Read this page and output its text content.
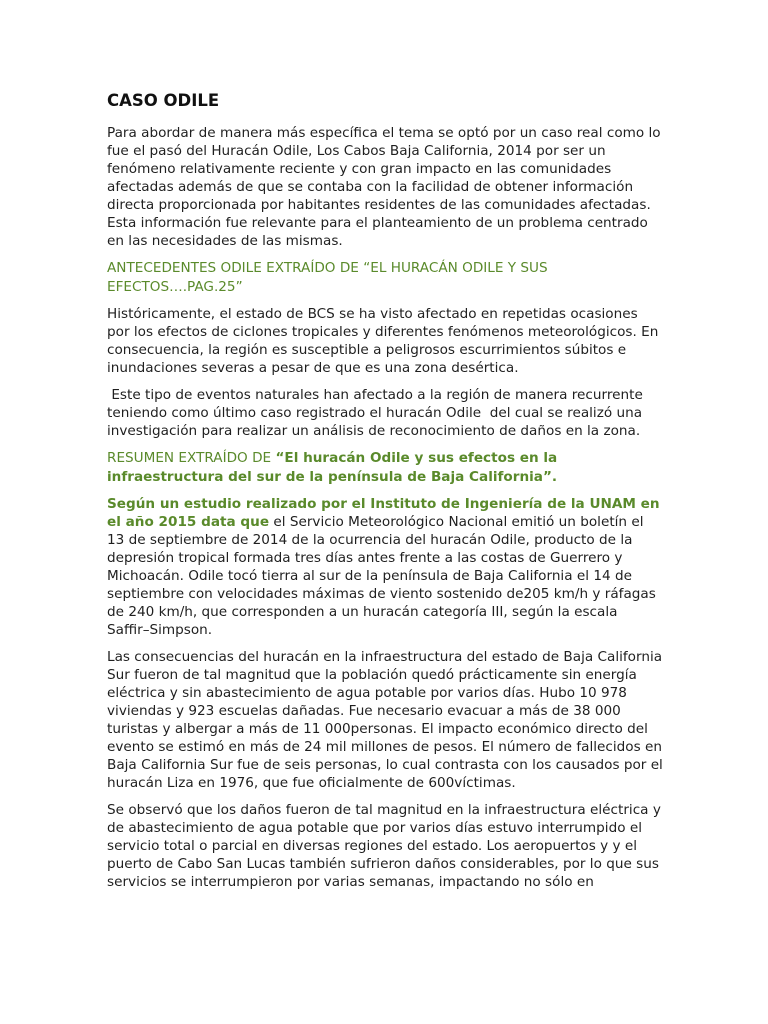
CASO ODILE

Para abordar de manera más específica el tema se optó por un caso real como lo fue el pasó del Huracán Odile, Los Cabos Baja California, 2014 por ser un fenómeno relativamente reciente y con gran impacto en las comunidades afectadas además de que se contaba con la facilidad de obtener información directa proporcionada por habitantes residentes de las comunidades afectadas. Esta información fue relevante para el planteamiento de un problema centrado en las necesidades de las mismas.

ANTECEDENTES ODILE EXTRAÍDO DE “EL HURACÁN ODILE Y SUS EFECTOS….PAG.25”

Históricamente, el estado de BCS se ha visto afectado en repetidas ocasiones por los efectos de ciclones tropicales y diferentes fenómenos meteorológicos. En consecuencia, la región es susceptible a peligrosos escurrimientos súbitos e inundaciones severas a pesar de que es una zona desértica.

Este tipo de eventos naturales han afectado a la región de manera recurrente teniendo como último caso registrado el huracán Odile  del cual se realizó una investigación para realizar un análisis de reconocimiento de daños en la zona.

RESUMEN EXTRAÍDO DE “El huracán Odile y sus efectos en la infraestructura del sur de la península de Baja California”.

Según un estudio realizado por el Instituto de Ingeniería de la UNAM en el año 2015 data que el Servicio Meteorológico Nacional emitió un boletín el 13 de septiembre de 2014 de la ocurrencia del huracán Odile, producto de la depresión tropical formada tres días antes frente a las costas de Guerrero y Michoacán. Odile tocó tierra al sur de la península de Baja California el 14 de septiembre con velocidades máximas de viento sostenido de205 km/h y ráfagas de 240 km/h, que corresponden a un huracán categoría III, según la escala Saffir–Simpson.

Las consecuencias del huracán en la infraestructura del estado de Baja California Sur fueron de tal magnitud que la población quedó prácticamente sin energía eléctrica y sin abastecimiento de agua potable por varios días. Hubo 10 978 viviendas y 923 escuelas dañadas. Fue necesario evacuar a más de 38 000 turistas y albergar a más de 11 000personas. El impacto económico directo del evento se estimó en más de 24 mil millones de pesos. El número de fallecidos en Baja California Sur fue de seis personas, lo cual contrasta con los causados por el huracán Liza en 1976, que fue oficialmente de 600víctimas.

Se observó que los daños fueron de tal magnitud en la infraestructura eléctrica y de abastecimiento de agua potable que por varios días estuvo interrumpido el servicio total o parcial en diversas regiones del estado. Los aeropuertos y y el puerto de Cabo San Lucas también sufrieron daños considerables, por lo que sus servicios se interrumpieron por varias semanas, impactando no sólo en
